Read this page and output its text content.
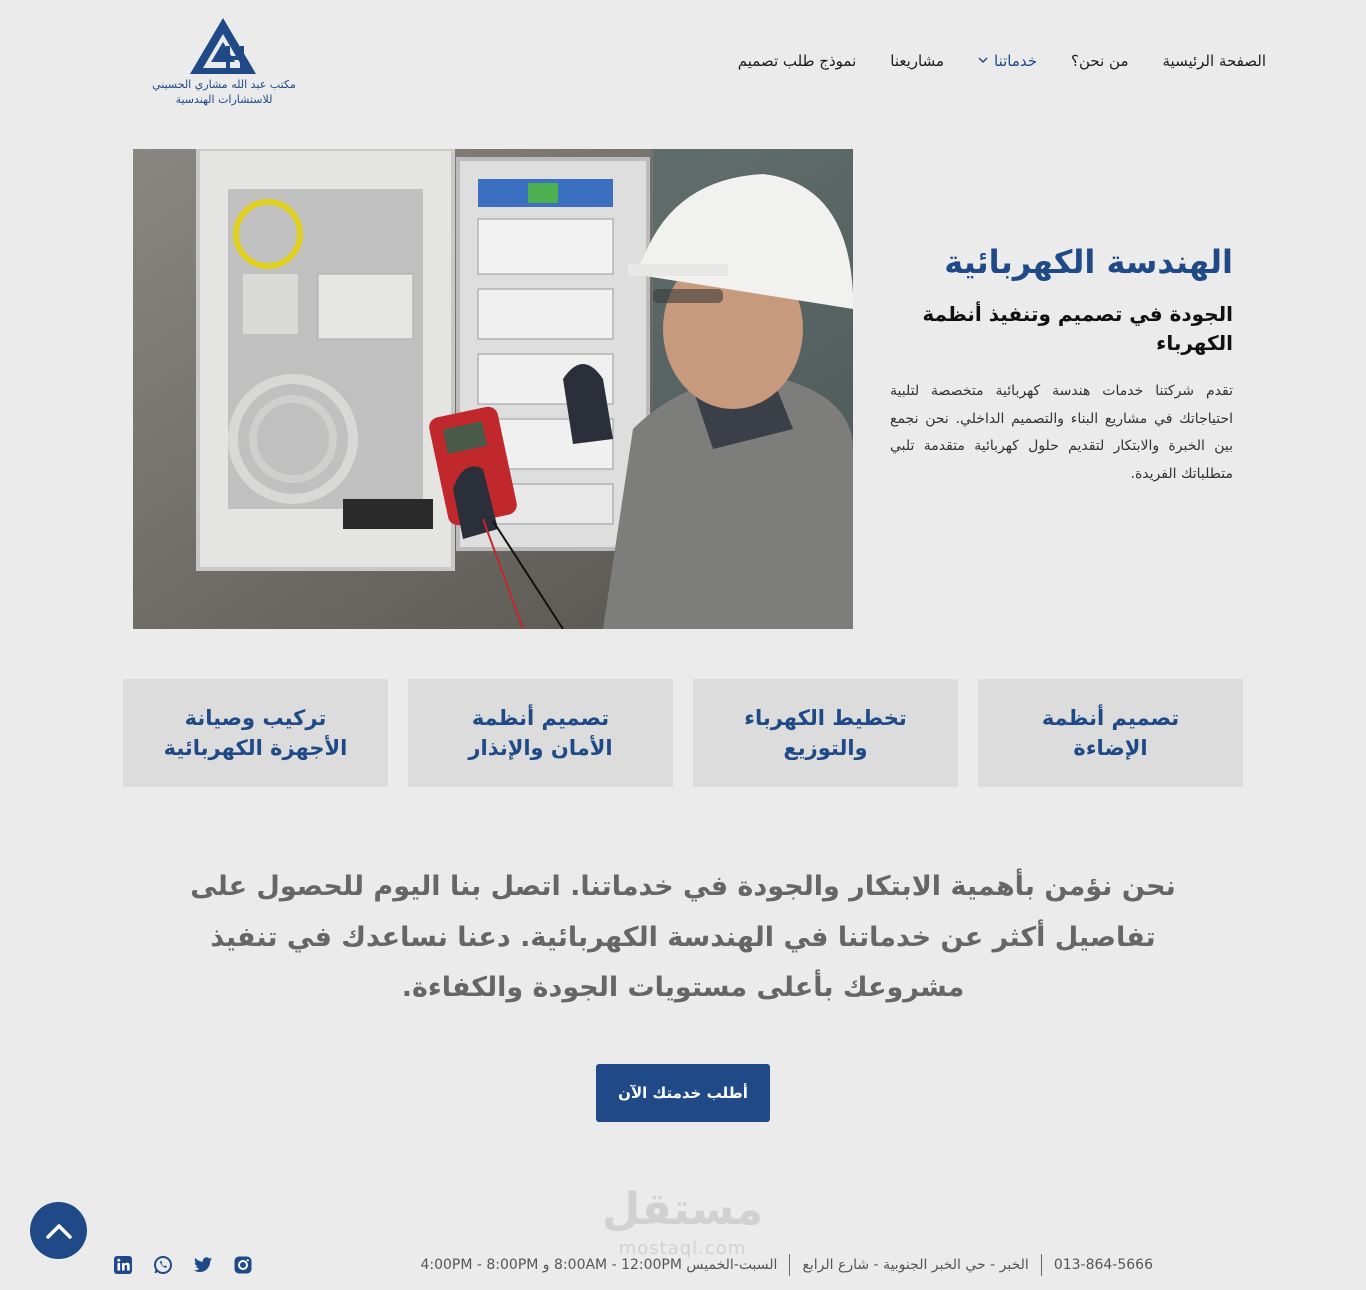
مكتب عبد الله مشاري الحسيني
للاستشارات الهندسية
الصفحة الرئيسية
من نحن؟
خدماتنا
مشاريعنا
نموذج طلب تصميم
الهندسة الكهربائية
الجودة في تصميم وتنفيذ أنظمة الكهرباء

تقدم شركتنا خدمات هندسة كهربائية متخصصة لتلبية احتياجاتك في مشاريع البناء والتصميم الداخلي. نحن نجمع بين الخبرة والابتكار لتقديم حلول كهربائية متقدمة تلبي متطلباتك الفريدة.

تصميم أنظمة الإضاءة
تخطيط الكهرباء والتوزيع
تصميم أنظمة الأمان والإنذار
تركيب وصيانة الأجهزة الكهربائية

نحن نؤمن بأهمية الابتكار والجودة في خدماتنا. اتصل بنا اليوم للحصول على تفاصيل أكثر عن خدماتنا في الهندسة الكهربائية. دعنا نساعدك في تنفيذ مشروعك بأعلى مستويات الجودة والكفاءة.

أطلب خدمتك الآن
مستقل
mostaql.com
013-864-5666
الخبر - حي الخبر الجنوبية - شارع الرابع
السبت-الخميس 8:00AM - 12:00PM و 4:00PM - 8:00PM
